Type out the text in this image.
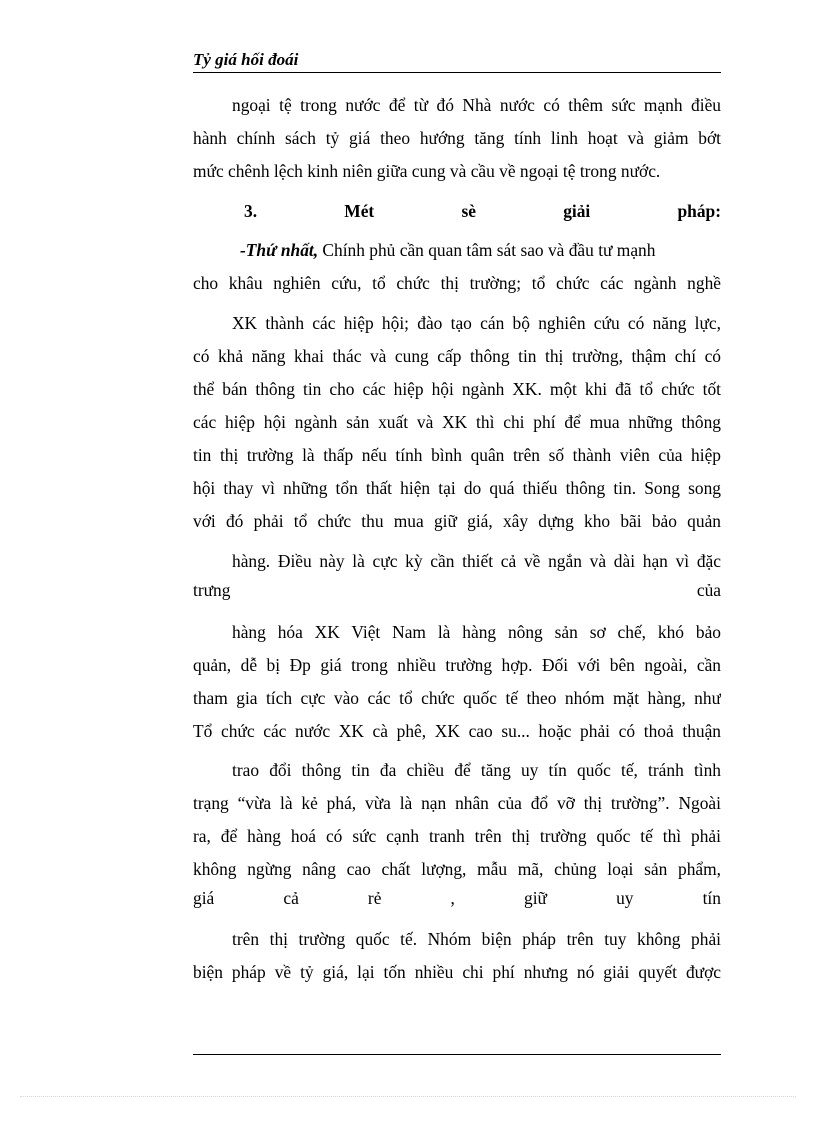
Tỷ giá hối đoái
ngoại tệ trong nước để từ đó Nhà nước có thêm sức mạnh điều
hành chính sách tỷ giá theo hướng tăng tính linh hoạt và giảm bớt
mức chênh lệch kinh niên giữa cung và cầu về ngoại tệ trong nước.
3.	Mét	sè	giải	pháp:
-Thứ nhất, Chính phủ cần quan tâm sát sao và đầu tư mạnh
cho khâu nghiên cứu, tổ chức thị trường; tổ chức các ngành nghề
XK thành các hiệp hội; đào tạo cán bộ nghiên cứu có năng lực,
có khả năng khai thác và cung cấp thông tin thị trường, thậm chí có
thể bán thông tin cho các hiệp hội ngành XK. một khi đã tổ chức tốt
các hiệp hội ngành sản xuất và XK thì chi phí để mua những thông
tin thị trường là thấp nếu tính bình quân trên số thành viên của hiệp
hội thay vì những tổn thất hiện tại do quá thiếu thông tin. Song song
với đó phải tổ chức thu mua giữ giá, xây dựng kho bãi bảo quản
hàng. Điều này là cực kỳ cần thiết cả về ngắn và dài hạn vì đặc
trưng	của
hàng hóa XK Việt Nam là hàng nông sản sơ chế, khó bảo
quản, dễ bị Đp giá trong nhiều trường hợp. Đối với bên ngoài, cần
tham gia tích cực vào các tổ chức quốc tế theo nhóm mặt hàng, như
Tổ chức các nước XK cà phê, XK cao su... hoặc phải có thoả thuận
trao đổi thông tin đa chiều để tăng uy tín quốc tế, tránh tình
trạng “vừa là kẻ phá, vừa là nạn nhân của đổ vỡ thị trường”. Ngoài
ra, để hàng hoá có sức cạnh tranh trên thị trường quốc tế thì phải
không ngừng nâng cao chất lượng, mẫu mã, chủng loại sản phẩm,
giá	cả	rẻ	,	giữ	uy	tín
trên thị trường quốc tế. Nhóm biện pháp trên tuy không phải
biện pháp về tỷ giá, lại tốn nhiều chi phí nhưng nó giải quyết được
